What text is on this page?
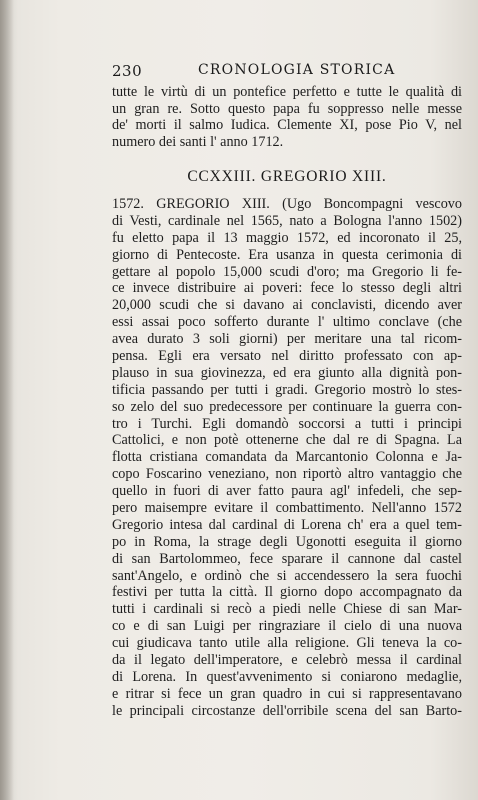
230	CRONOLOGIA STORICA
tutte le virtù di un pontefice perfetto e tutte le qualità di
un gran re. Sotto questo papa fu soppresso nelle messe
de' morti il salmo Iudica. Clemente XI, pose Pio V, nel
numero dei santi l' anno 1712.
CCXXIII. GREGORIO XIII.
1572. GREGORIO XIII. (Ugo Boncompagni vescovo
di Vesti, cardinale nel 1565, nato a Bologna l'anno 1502)
fu eletto papa il 13 maggio 1572, ed incoronato il 25,
giorno di Pentecoste. Era usanza in questa cerimonia di
gettare al popolo 15,000 scudi d'oro; ma Gregorio li fe-
ce invece distribuire ai poveri: fece lo stesso degli altri
20,000 scudi che si davano ai conclavisti, dicendo aver
essi assai poco sofferto durante l' ultimo conclave (che
avea durato 3 soli giorni) per meritare una tal ricom-
pensa. Egli era versato nel diritto professato con ap-
plauso in sua giovinezza, ed era giunto alla dignità pon-
tificia passando per tutti i gradi. Gregorio mostrò lo stes-
so zelo del suo predecessore per continuare la guerra con-
tro i Turchi. Egli domandò soccorsi a tutti i principi
Cattolici, e non potè ottenerne che dal re di Spagna. La
flotta cristiana comandata da Marcantonio Colonna e Ja-
copo Foscarino veneziano, non riportò altro vantaggio che
quello in fuori di aver fatto paura agl' infedeli, che sep-
pero maisempre evitare il combattimento. Nell'anno 1572
Gregorio intesa dal cardinal di Lorena ch' era a quel tem-
po in Roma, la strage degli Ugonotti eseguita il giorno
di san Bartolommeo, fece sparare il cannone dal castel
sant'Angelo, e ordinò che si accendessero la sera fuochi
festivi per tutta la città. Il giorno dopo accompagnato da
tutti i cardinali si recò a piedi nelle Chiese di san Mar-
co e di san Luigi per ringraziare il cielo di una nuova
cui giudicava tanto utile alla religione. Gli teneva la co-
da il legato dell'imperatore, e celebrò messa il cardinal
di Lorena. In quest'avvenimento si coniarono medaglie,
e ritrar si fece un gran quadro in cui si rappresentavano
le principali circostanze dell'orribile scena del san Barto-
